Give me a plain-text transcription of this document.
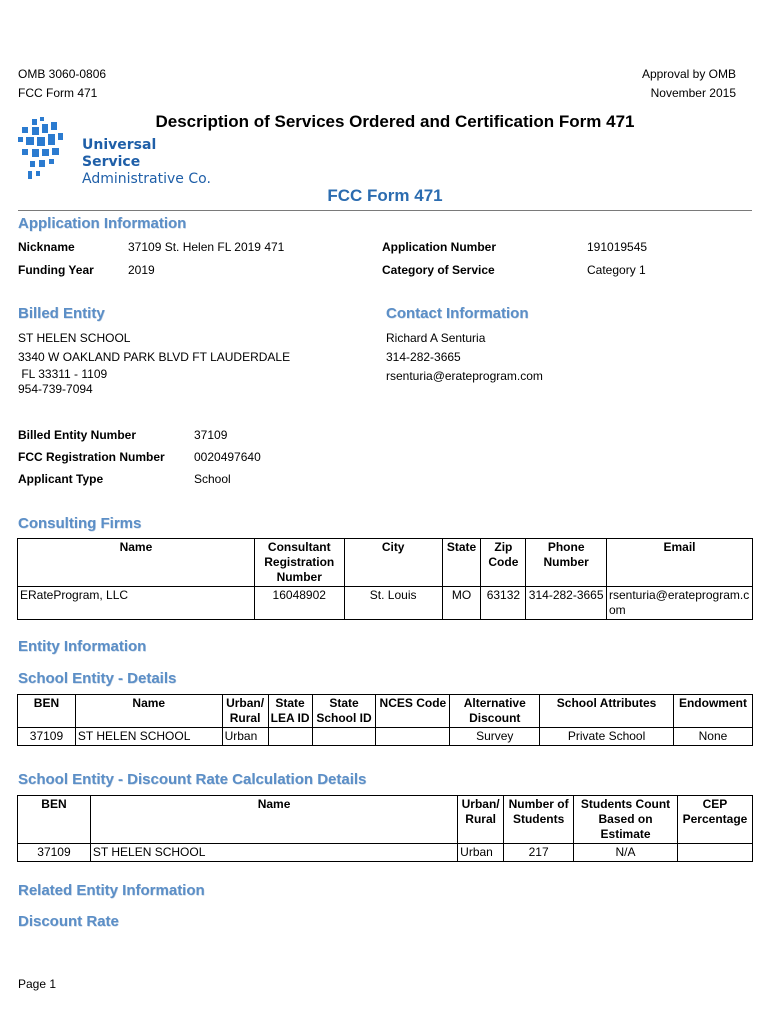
OMB 3060-0806
FCC Form 471
Approval by OMB
November 2015
Description of Services Ordered and Certification Form 471
Universal Service
Administrative Co.
FCC Form 471
Application Information
Nickname	37109 St. Helen FL 2019 471	Application Number	191019545
Funding Year	2019	Category of Service	Category 1
Billed Entity
ST HELEN SCHOOL
3340 W OAKLAND PARK BLVD FT LAUDERDALE
FL 33311 - 1109
954-739-7094
Contact Information
Richard A Senturia
314-282-3665
rsenturia@erateprogram.com
Billed Entity Number	37109
FCC Registration Number 0020497640
Applicant Type	School
Consulting Firms
Name	Consultant Registration Number	City	State	Zip Code	Phone Number	Email
ERateProgram, LLC	16048902	St. Louis	MO	63132	314-282-3665	rsenturia@erateprogram.com
Entity Information
School Entity - Details
BEN	Name	Urban/ Rural	State LEA ID	State School ID	NCES Code	Alternative Discount	School Attributes	Endowment
37109	ST HELEN SCHOOL	Urban				Survey	Private School	None
School Entity - Discount Rate Calculation Details
BEN	Name	Urban/ Rural	Number of Students	Students Count Based on Estimate	CEP Percentage
37109	ST HELEN SCHOOL	Urban	217	N/A	
Related Entity Information
Discount Rate
Page 1
